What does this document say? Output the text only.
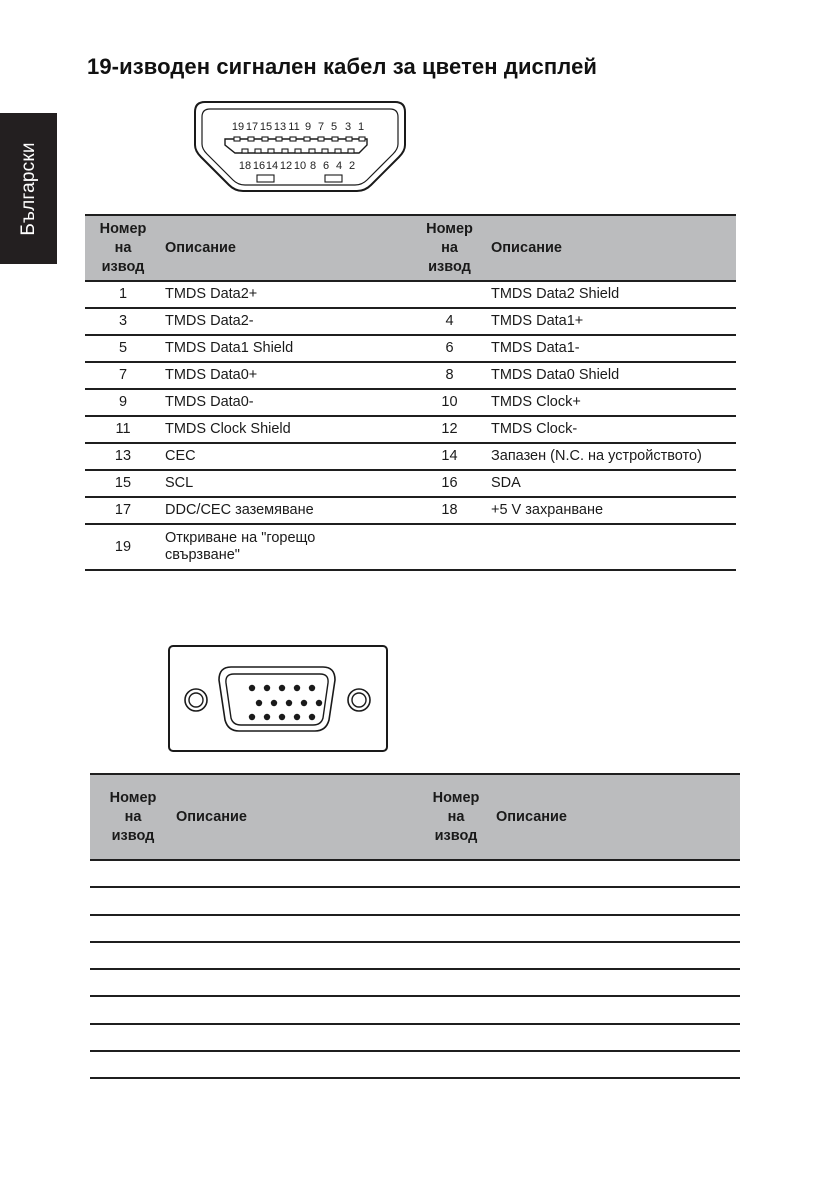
Български
19-изводен сигнален кабел за цветен дисплей
19 17 15 13 11 9 7 5 3 1
18 16 14 12 10 8 6 4 2
Номер
на
извод
	Описание	
Номер
на
извод
	Описание
1	TMDS Data2+		TMDS Data2 Shield
3	TMDS Data2-	4	TMDS Data1+
5	TMDS Data1 Shield	6	TMDS Data1-
7	TMDS Data0+	8	TMDS Data0 Shield
9	TMDS Data0-	10	TMDS Clock+
11	TMDS Clock Shield	12	TMDS Clock-
13	CEC	14	Запазен (N.C. на устройството)
15	SCL	16	SDA
17	DDC/CEC заземяване	18	+5 V захранване
19	Откриване на "горещо
свързване"		

Номер
на
извод
	Описание	
Номер
на
извод
	Описание
